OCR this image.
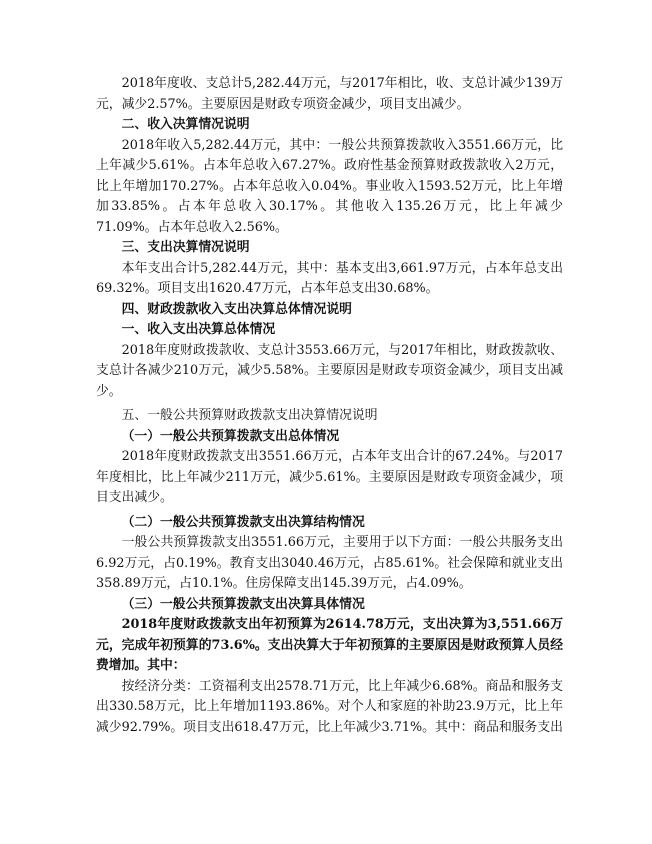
2018年度收、支总计5,282.44万元，与2017年相比，收、支总计减少139万元，减少2.57%。主要原因是财政专项资金减少，项目支出减少。

二、收入决算情况说明

2018年收入5,282.44万元，其中：一般公共预算拨款收入3551.66万元，比上年减少5.61%。占本年总收入67.27%。政府性基金预算财政拨款收入2万元，比上年增加170.27%。占本年总收入0.04%。事业收入1593.52万元，比上年增加33.85%。占本年总收入30.17%。其他收入135.26万元，比上年减少71.09%。占本年总收入2.56%。

三、支出决算情况说明

本年支出合计5,282.44万元，其中：基本支出3,661.97万元，占本年总支出69.32%。项目支出1620.47万元，占本年总支出30.68%。

四、财政拨款收入支出决算总体情况说明

一、收入支出决算总体情况

2018年度财政拨款收、支总计3553.66万元，与2017年相比，财政拨款收、支总计各减少210万元，减少5.58%。主要原因是财政专项资金减少，项目支出减少。

五、一般公共预算财政拨款支出决算情况说明

（一）一般公共预算拨款支出总体情况

2018年度财政拨款支出3551.66万元，占本年支出合计的67.24%。与2017年度相比，比上年减少211万元，减少5.61%。主要原因是财政专项资金减少，项目支出减少。

（二）一般公共预算拨款支出决算结构情况

一般公共预算拨款支出3551.66万元，主要用于以下方面：一般公共服务支出6.92万元，占0.19%。教育支出3040.46万元，占85.61%。社会保障和就业支出358.89万元，占10.1%。住房保障支出145.39万元，占4.09%。

（三）一般公共预算拨款支出决算具体情况

2018年度财政拨款支出年初预算为2614.78万元，支出决算为3,551.66万元，完成年初预算的73.6%。支出决算大于年初预算的主要原因是财政预算人员经费增加。其中：

按经济分类：工资福利支出2578.71万元，比上年减少6.68%。商品和服务支出330.58万元，比上年增加1193.86%。对个人和家庭的补助23.9万元，比上年减少92.79%。项目支出618.47万元，比上年减少3.71%。其中：商品和服务支出
